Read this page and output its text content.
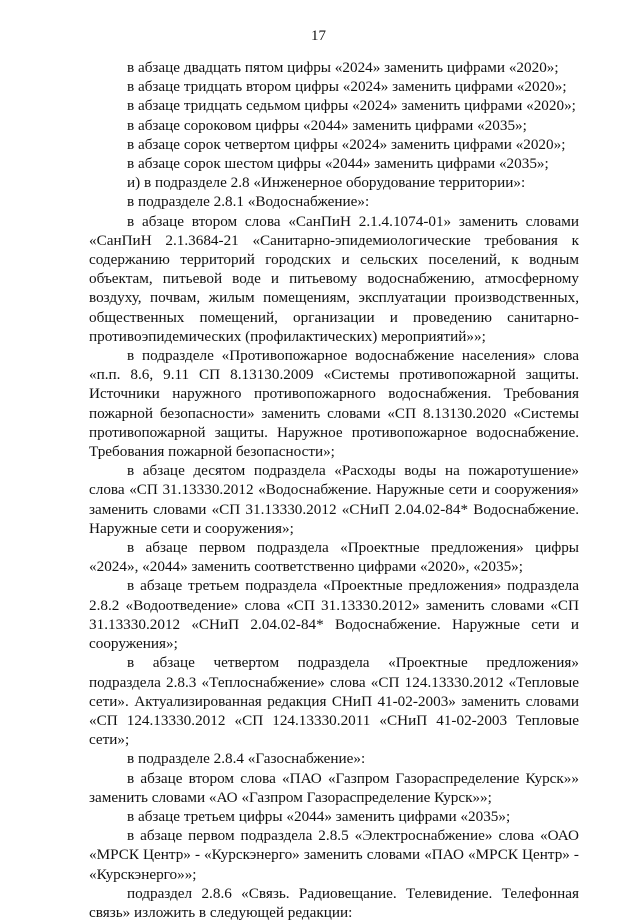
17

в абзаце двадцать пятом цифры «2024» заменить цифрами «2020»;

в абзаце тридцать втором цифры «2024» заменить цифрами «2020»;

в абзаце тридцать седьмом цифры «2024» заменить цифрами «2020»;

в абзаце сороковом цифры «2044» заменить цифрами «2035»;

в абзаце сорок четвертом цифры «2024» заменить цифрами «2020»;

в абзаце сорок шестом цифры «2044» заменить цифрами «2035»;

и) в подразделе 2.8 «Инженерное оборудование территории»:

в подразделе 2.8.1 «Водоснабжение»:

в абзаце втором слова «СанПиН 2.1.4.1074-01» заменить словами «СанПиН 2.1.3684-21 «Санитарно-эпидемиологические требования к содержанию территорий городских и сельских поселений, к водным объектам, питьевой воде и питьевому водоснабжению, атмосферному воздуху, почвам, жилым помещениям, эксплуатации производственных, общественных помещений, организации и проведению санитарно-противоэпидемических (профилактических) мероприятий»»;

в подразделе «Противопожарное водоснабжение населения» слова «п.п. 8.6, 9.11 СП 8.13130.2009 «Системы противопожарной защиты. Источники наружного противопожарного водоснабжения. Требования пожарной безопасности» заменить словами «СП 8.13130.2020 «Системы противопожарной защиты. Наружное противопожарное водоснабжение. Требования пожарной безопасности»;

в абзаце десятом подраздела «Расходы воды на пожаротушение» слова «СП 31.13330.2012 «Водоснабжение. Наружные сети и сооружения» заменить словами «СП 31.13330.2012 «СНиП 2.04.02-84* Водоснабжение. Наружные сети и сооружения»;

в абзаце первом подраздела «Проектные предложения» цифры «2024», «2044» заменить соответственно цифрами «2020», «2035»;

в абзаце третьем подраздела «Проектные предложения» подраздела 2.8.2 «Водоотведение» слова «СП 31.13330.2012» заменить словами «СП 31.13330.2012 «СНиП 2.04.02-84* Водоснабжение. Наружные сети и сооружения»;

в абзаце четвертом подраздела «Проектные предложения» подраздела 2.8.3 «Теплоснабжение» слова «СП 124.13330.2012 «Тепловые сети». Актуализированная редакция СНиП 41-02-2003» заменить словами «СП 124.13330.2012 «СП 124.13330.2011 «СНиП 41-02-2003 Тепловые сети»;

в подразделе 2.8.4 «Газоснабжение»:

в абзаце втором слова «ПАО «Газпром Газораспределение Курск»» заменить словами «АО «Газпром Газораспределение Курск»»;

в абзаце третьем цифры «2044» заменить цифрами «2035»;

в абзаце первом подраздела 2.8.5 «Электроснабжение» слова «ОАО «МРСК Центр» - «Курскэнерго» заменить словами «ПАО «МРСК Центр» - «Курскэнерго»»;

подраздел 2.8.6 «Связь. Радиовещание. Телевидение. Телефонная связь» изложить в следующей редакции:
